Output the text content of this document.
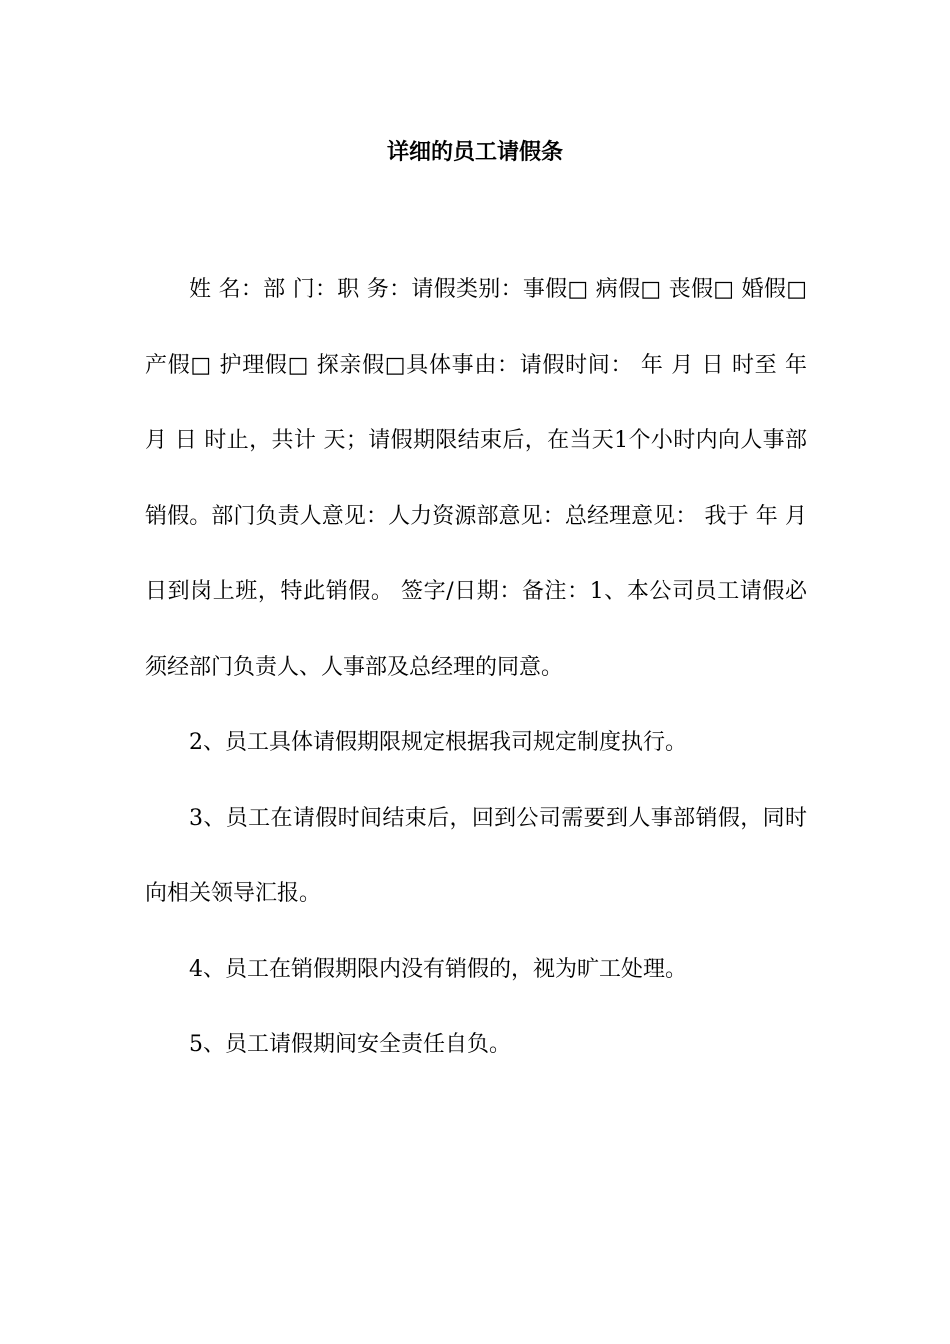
详细的员工请假条

姓 名：部 门：职 务：请假类别：事假□ 病假□ 丧假□ 婚假□ 产假□ 护理假□ 探亲假□具体事由：请假时间： 年 月 日 时至 年 月 日 时止，共计 天；请假期限结束后，在当天1个小时内向人事部销假。部门负责人意见：人力资源部意见：总经理意见： 我于 年 月 日到岗上班，特此销假。 签字/日期：备注：1、本公司员工请假必须经部门负责人、人事部及总经理的同意。

2、员工具体请假期限规定根据我司规定制度执行。

3、员工在请假时间结束后，回到公司需要到人事部销假，同时向相关领导汇报。

4、员工在销假期限内没有销假的，视为旷工处理。

5、员工请假期间安全责任自负。
